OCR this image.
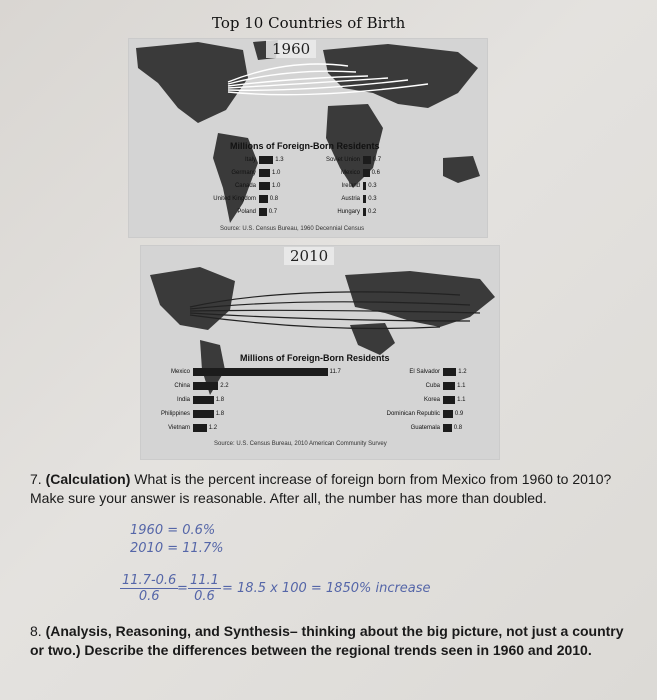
Top 10 Countries of Birth
1960
Millions of Foreign-Born Residents
Italy	1.3
Germany	1.0
Canada	1.0
United Kingdom	0.8
Poland	0.7
Soviet Union	0.7
Mexico	0.6
Ireland	0.3
Austria	0.3
Hungary	0.2
Source: U.S. Census Bureau, 1960 Decennial Census
2010
Millions of Foreign-Born Residents
Mexico	11.7
China	2.2
India	1.8
Philippines	1.8
Vietnam	1.2
El Salvador	1.2
Cuba	1.1
Korea	1.1
Dominican Republic	0.9
Guatemala	0.8
Source: U.S. Census Bureau, 2010 American Community Survey
7. (Calculation) What is the percent increase of foreign born from Mexico from 1960 to 2010? Make sure your answer is reasonable. After all, the number has more than doubled.
1960 = 0.6%
2010 = 11.7%
$\frac{11.7-0.6}{0.6}$
= $\frac{11.1}{0.6} = 18.5$ x 100 = 1850% increase
8. (Analysis, Reasoning, and Synthesis– thinking about the big picture, not just a country or two.) Describe the differences between the regional trends seen in 1960 and 2010.
